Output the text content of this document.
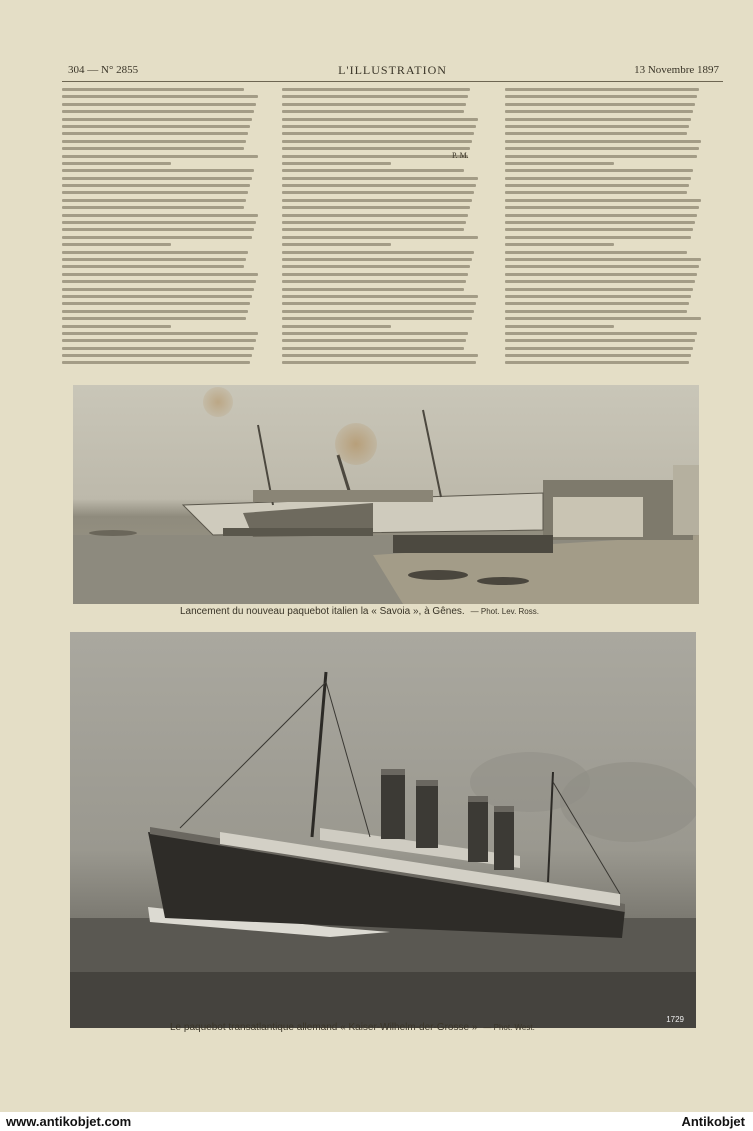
304 — N° 2855	L'ILLUSTRATION	13 Novembre 1897
P. M.
Lancement du nouveau paquebot italien la « Savoia », à Gênes. — Phot. Lev. Ross.
1729
Le paquebot transatlantique allemand « Kaiser-Wilhelm-der-Grosse » — Phot. West.
www.antikobjet.com	Antikobjet
